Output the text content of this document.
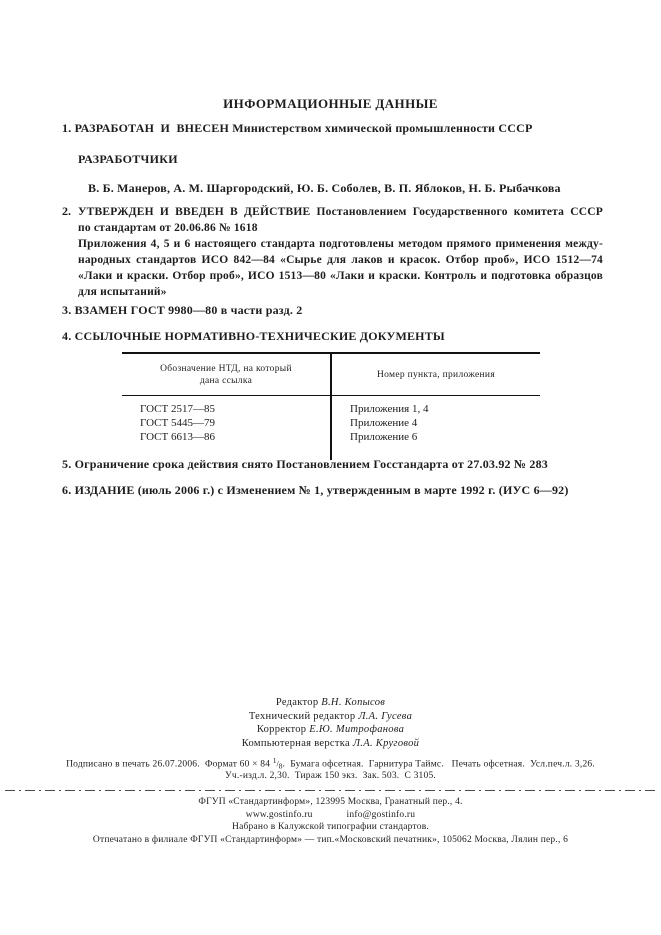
ИНФОРМАЦИОННЫЕ ДАННЫЕ
1. РАЗРАБОТАН  И  ВНЕСЕН Министерством химической промышленности СССР
РАЗРАБОТЧИКИ
В. Б. Манеров, А. М. Шаргородский, Ю. Б. Соболев, В. П. Яблоков, Н. Б. Рыбачкова
2. УТВЕРЖДЕН И ВВЕДЕН В ДЕЙСТВИЕ Постановлением Государственного комитета СССР
по стандартам от 20.06.86 № 1618
Приложения 4, 5 и 6 настоящего стандарта подготовлены методом прямого применения между-
народных стандартов ИСО 842—84 «Сырье для лаков и красок. Отбор проб», ИСО 1512—74
«Лаки и краски. Отбор проб», ИСО 1513—80 «Лаки и краски. Контроль и подготовка образцов
для испытаний»
3. ВЗАМЕН ГОСТ 9980—80 в части разд. 2
4. ССЫЛОЧНЫЕ НОРМАТИВНО-ТЕХНИЧЕСКИЕ ДОКУМЕНТЫ
Обозначение НТД, на который
дана ссылка
Номер пункта, приложения
ГОСТ 2517—85
ГОСТ 5445—79
ГОСТ 6613—86
Приложения 1, 4
Приложение 4
Приложение 6
5. Ограничение срока действия снято Постановлением Госстандарта от 27.03.92 № 283
6. ИЗДАНИЕ (июль 2006 г.) с Изменением № 1, утвержденным в марте 1992 г. (ИУС 6—92)
Редактор В.Н. Копысов
Технический редактор Л.А. Гусева
Корректор Е.Ю. Митрофанова
Компьютерная верстка Л.А. Круговой
Подписано в печать 26.07.2006.  Формат 60 × 84 1/8.  Бумага офсетная.  Гарнитура Таймс.   Печать офсетная.  Усл.печ.л. 3,26.
Уч.-изд.л. 2,30.  Тираж 150 экз.  Зак. 503.  С 3105.
ФГУП «Стандартинформ», 123995 Москва, Гранатный пер., 4.
www.gostinfo.ru	info@gostinfo.ru
Набрано в Калужской типографии стандартов.
Отпечатано в филиале ФГУП «Стандартинформ» — тип.«Московский печатник», 105062 Москва, Лялин пер., 6
